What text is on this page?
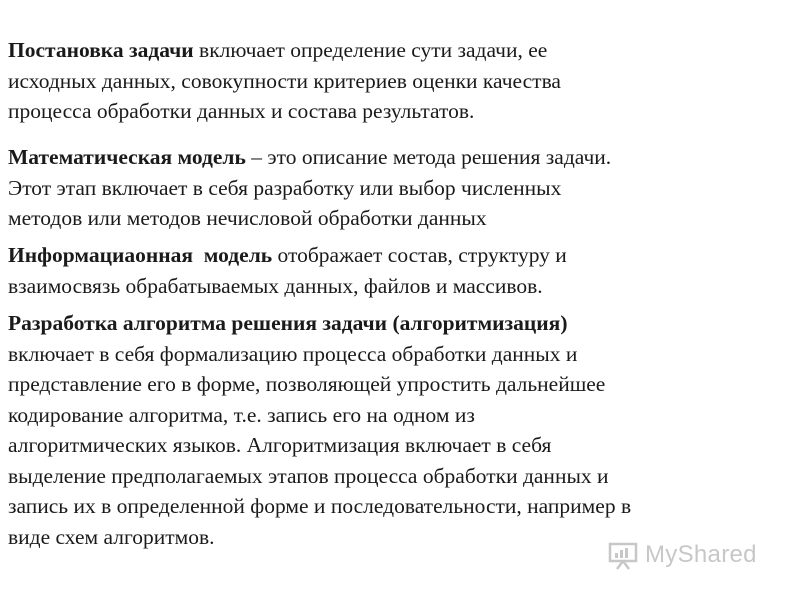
Постановка задачи включает определение сути задачи, ее
исходных данных, совокупности критериев оценки качества
процесса обработки данных и состава результатов.

Математическая модель – это описание метода решения задачи.
Этот этап включает в себя разработку или выбор численных
методов или методов нечисловой обработки данных

Информациаонная  модель отображает состав, структуру и
взаимосвязь обрабатываемых данных, файлов и массивов.

Разработка алгоритма решения задачи (алгоритмизация)
включает в себя формализацию процесса обработки данных и
представление его в форме, позволяющей упростить дальнейшее
кодирование алгоритма, т.е. запись его на одном из
алгоритмических языков. Алгоритмизация включает в себя
выделение предполагаемых этапов процесса обработки данных и
запись их в определенной форме и последовательности, например в
виде схем алгоритмов.

MyShared
